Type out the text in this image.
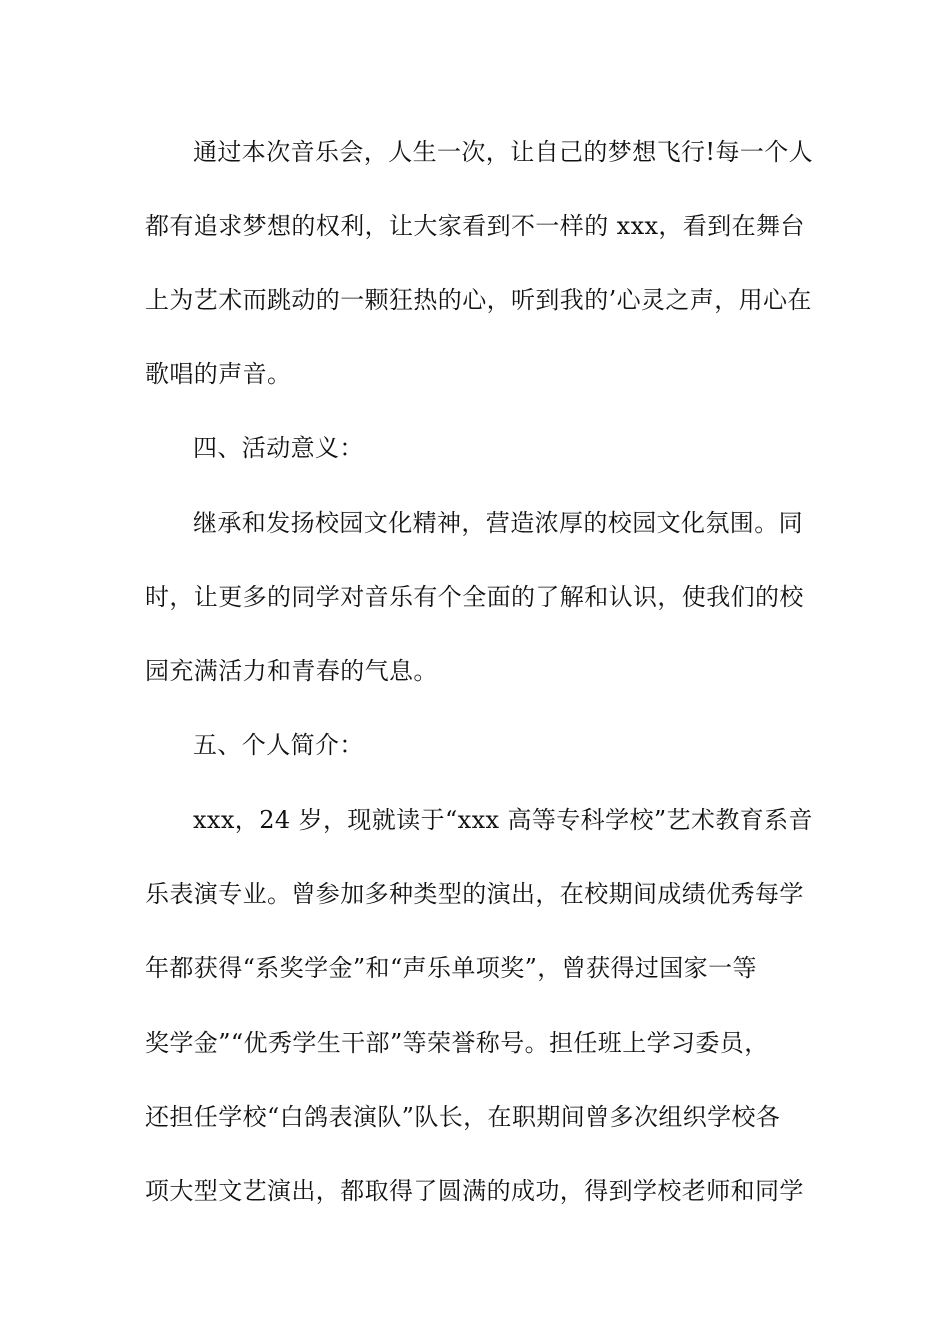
通过本次音乐会，人生一次，让自己的梦想飞行!每一个人
都有追求梦想的权利，让大家看到不一样的 xxx，看到在舞台
上为艺术而跳动的一颗狂热的心，听到我的’心灵之声，用心在
歌唱的声音。
四、活动意义：
继承和发扬校园文化精神，营造浓厚的校园文化氛围。同
时，让更多的同学对音乐有个全面的了解和认识，使我们的校
园充满活力和青春的气息。
五、个人简介：
xxx，24 岁，现就读于“xxx 高等专科学校”艺术教育系音
乐表演专业。曾参加多种类型的演出，在校期间成绩优秀每学
年都获得“系奖学金”和“声乐单项奖”，曾获得过国家一等
奖学金”“优秀学生干部”等荣誉称号。担任班上学习委员，
还担任学校“白鸽表演队”队长，在职期间曾多次组织学校各
项大型文艺演出，都取得了圆满的成功，得到学校老师和同学
